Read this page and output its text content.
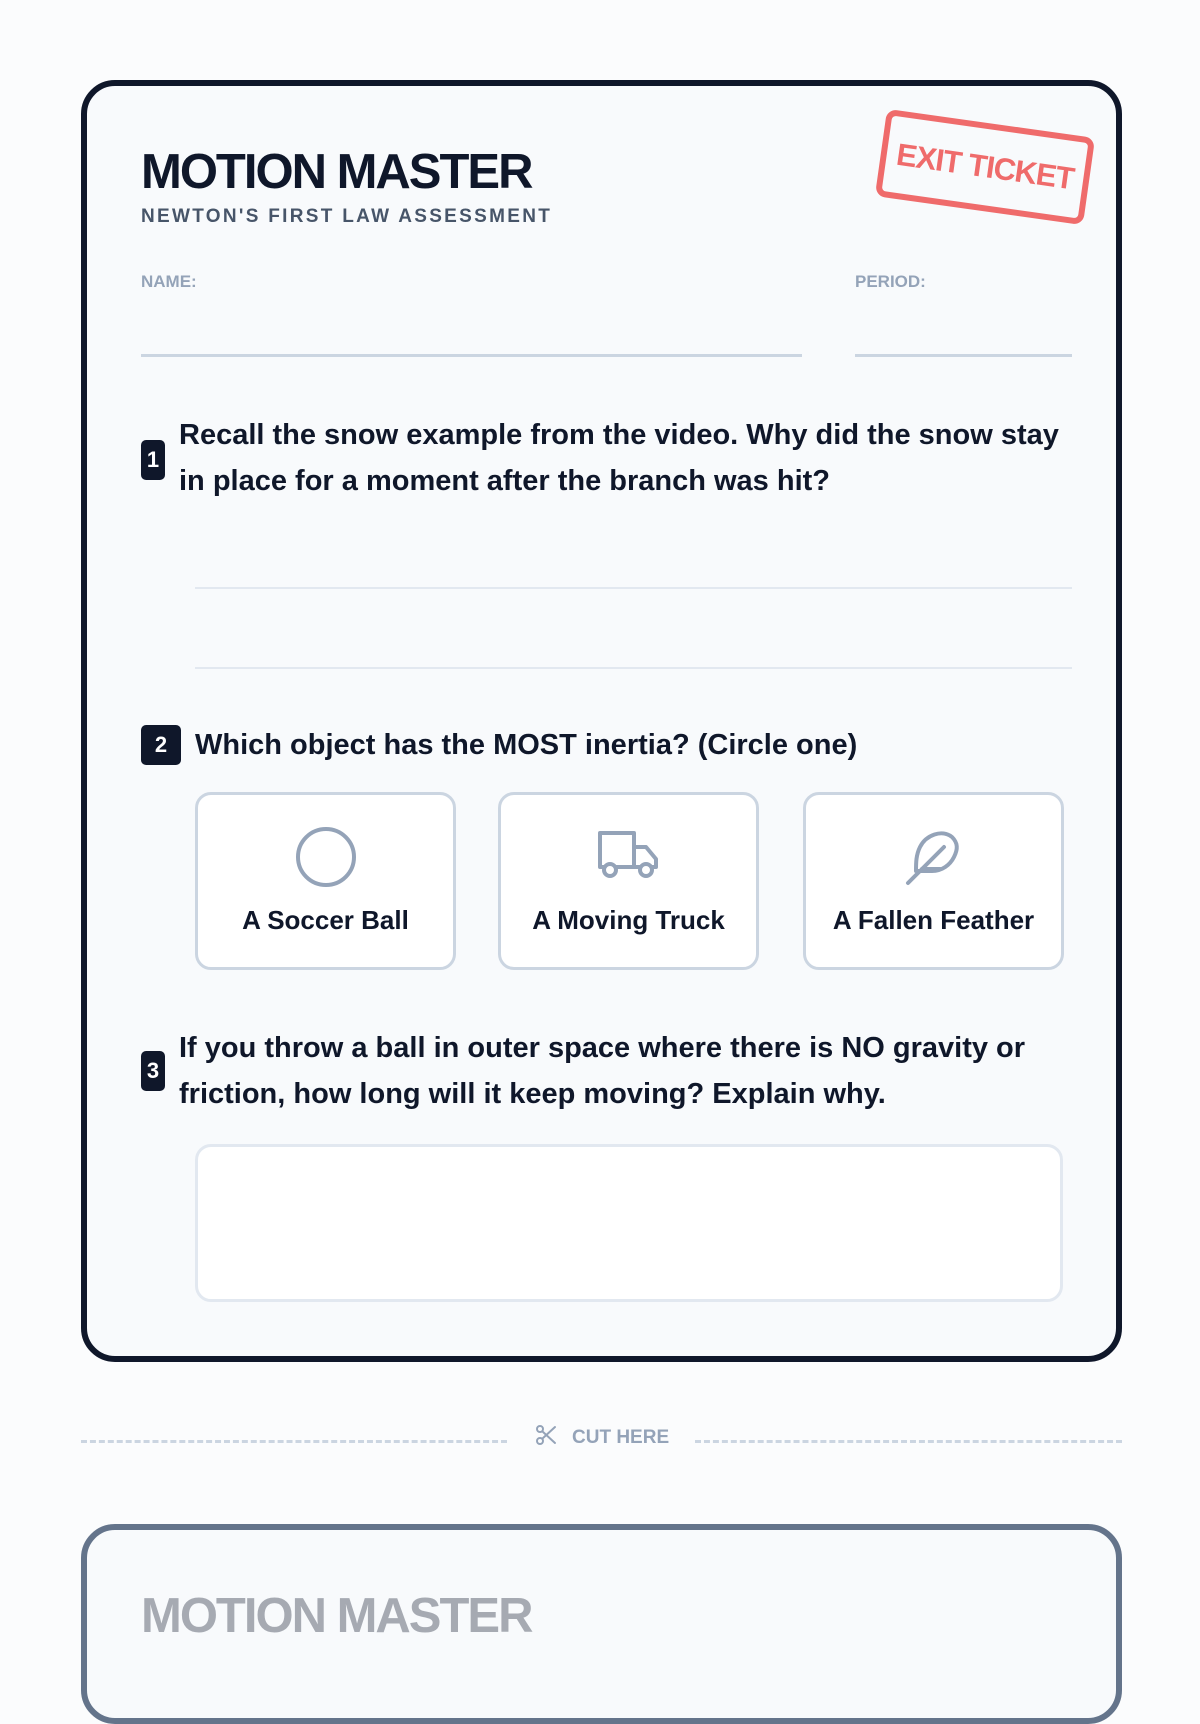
EXIT TICKET
MOTION MASTER
NEWTON'S FIRST LAW ASSESSMENT
NAME:	PERIOD:
1
Recall the snow example from the video. Why did the snow stay in place for a moment after the branch was hit?
2 Which object has the MOST inertia? (Circle one)
A Soccer Ball	A Moving Truck	A Fallen Feather
3
If you throw a ball in outer space where there is NO gravity or friction, how long will it keep moving? Explain why.
CUT HERE
MOTION MASTER
